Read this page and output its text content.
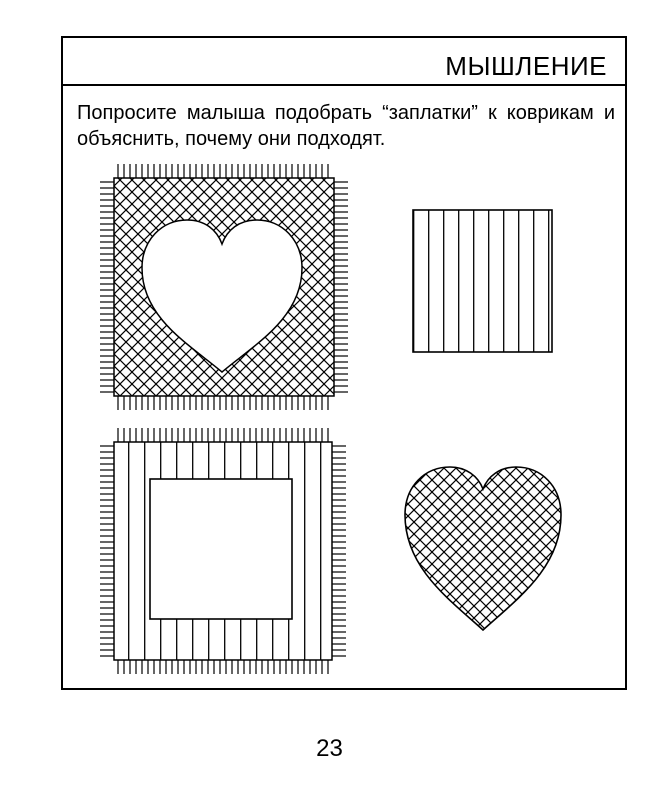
МЫШЛЕНИЕ
Попросите малыша подобрать “заплатки” к коврикам и объяснить, почему они подходят.
23
